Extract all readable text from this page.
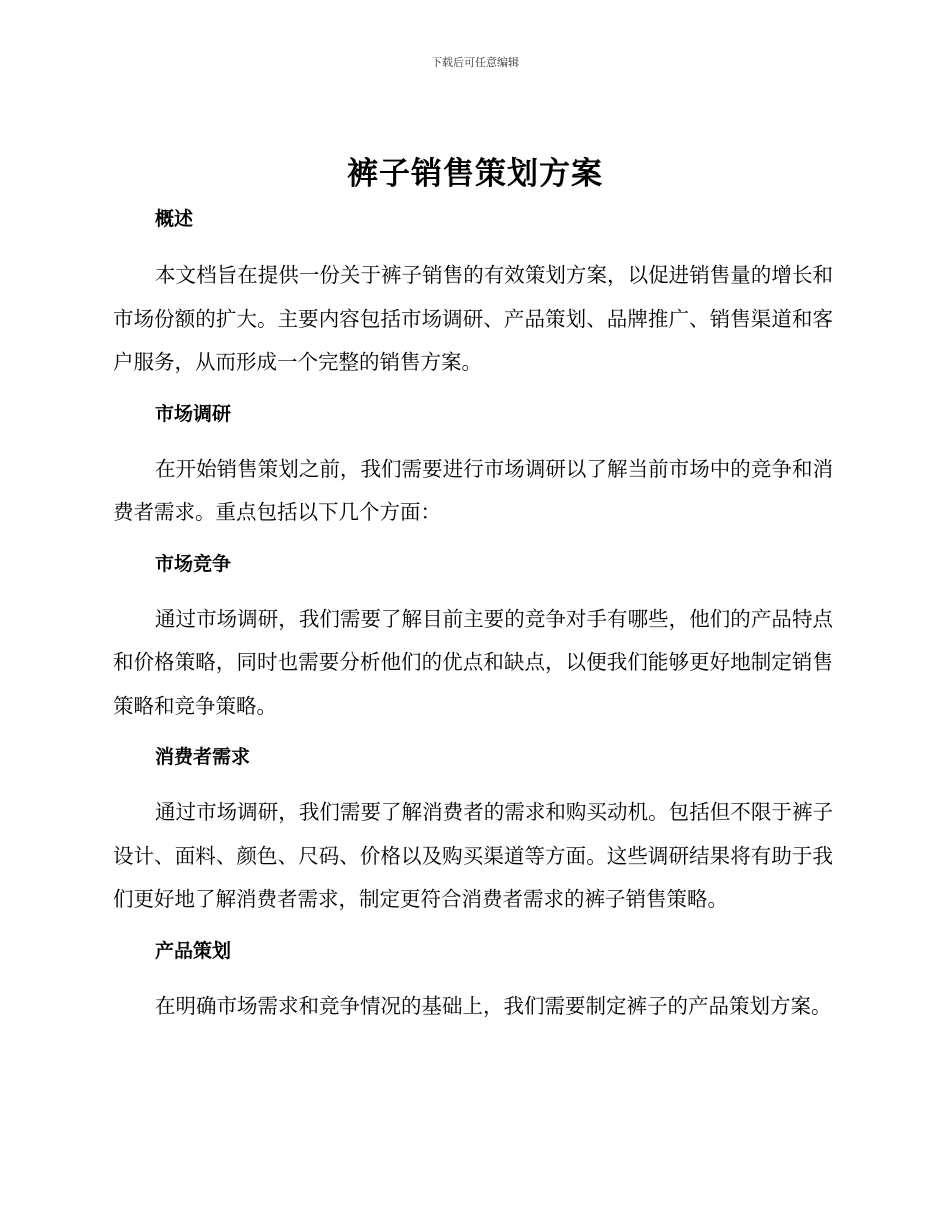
下载后可任意编辑
裤子销售策划方案
概述

本文档旨在提供一份关于裤子销售的有效策划方案，以促进销售量的增长和市场份额的扩大。主要内容包括市场调研、产品策划、品牌推广、销售渠道和客户服务，从而形成一个完整的销售方案。

市场调研

在开始销售策划之前，我们需要进行市场调研以了解当前市场中的竞争和消费者需求。重点包括以下几个方面：

市场竞争

通过市场调研，我们需要了解目前主要的竞争对手有哪些，他们的产品特点和价格策略，同时也需要分析他们的优点和缺点，以便我们能够更好地制定销售策略和竞争策略。

消费者需求

通过市场调研，我们需要了解消费者的需求和购买动机。包括但不限于裤子设计、面料、颜色、尺码、价格以及购买渠道等方面。这些调研结果将有助于我们更好地了解消费者需求，制定更符合消费者需求的裤子销售策略。

产品策划

在明确市场需求和竞争情况的基础上，我们需要制定裤子的产品策划方案。
